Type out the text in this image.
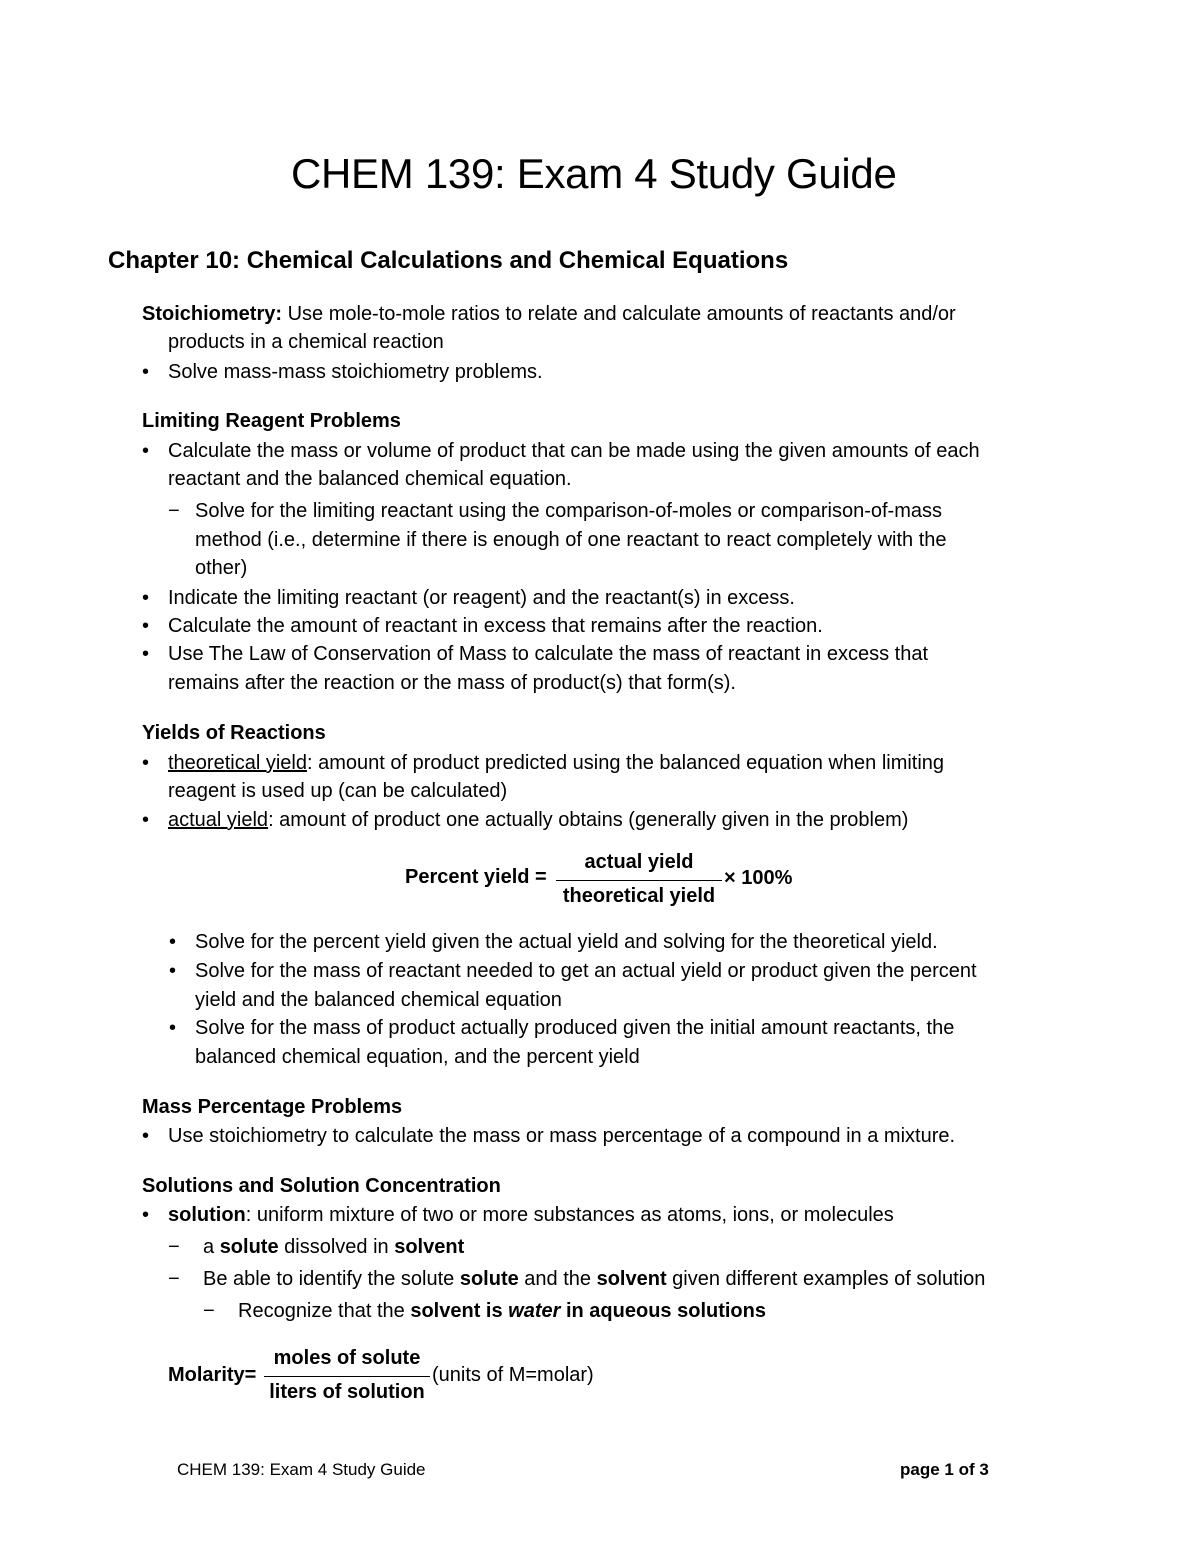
CHEM 139: Exam 4 Study Guide
Chapter 10: Chemical Calculations and Chemical Equations
Stoichiometry: Use mole-to-mole ratios to relate and calculate amounts of reactants and/or
products in a chemical reaction
• Solve mass-mass stoichiometry problems.
Limiting Reagent Problems
• Calculate the mass or volume of product that can be made using the given amounts of each
reactant and the balanced chemical equation.
− Solve for the limiting reactant using the comparison-of-moles or comparison-of-mass
method (i.e., determine if there is enough of one reactant to react completely with the
other)
• Indicate the limiting reactant (or reagent) and the reactant(s) in excess.
• Calculate the amount of reactant in excess that remains after the reaction.
• Use The Law of Conservation of Mass to calculate the mass of reactant in excess that
remains after the reaction or the mass of product(s) that form(s).
Yields of Reactions
• theoretical yield: amount of product predicted using the balanced equation when limiting
reagent is used up (can be calculated)
• actual yield: amount of product one actually obtains (generally given in the problem)
Percent yield =
actual yield
theoretical yield
× 100%
• Solve for the percent yield given the actual yield and solving for the theoretical yield.
• Solve for the mass of reactant needed to get an actual yield or product given the percent
yield and the balanced chemical equation
• Solve for the mass of product actually produced given the initial amount reactants, the
balanced chemical equation, and the percent yield
Mass Percentage Problems
• Use stoichiometry to calculate the mass or mass percentage of a compound in a mixture.
Solutions and Solution Concentration
• solution: uniform mixture of two or more substances as atoms, ions, or molecules
− a solute dissolved in solvent
− Be able to identify the solute solute and the solvent given different examples of solution
− Recognize that the solvent is water in aqueous solutions
Molarity=
moles of solute
liters of solution
(units of M=molar)
CHEM 139: Exam 4 Study Guide	page 1 of 3
